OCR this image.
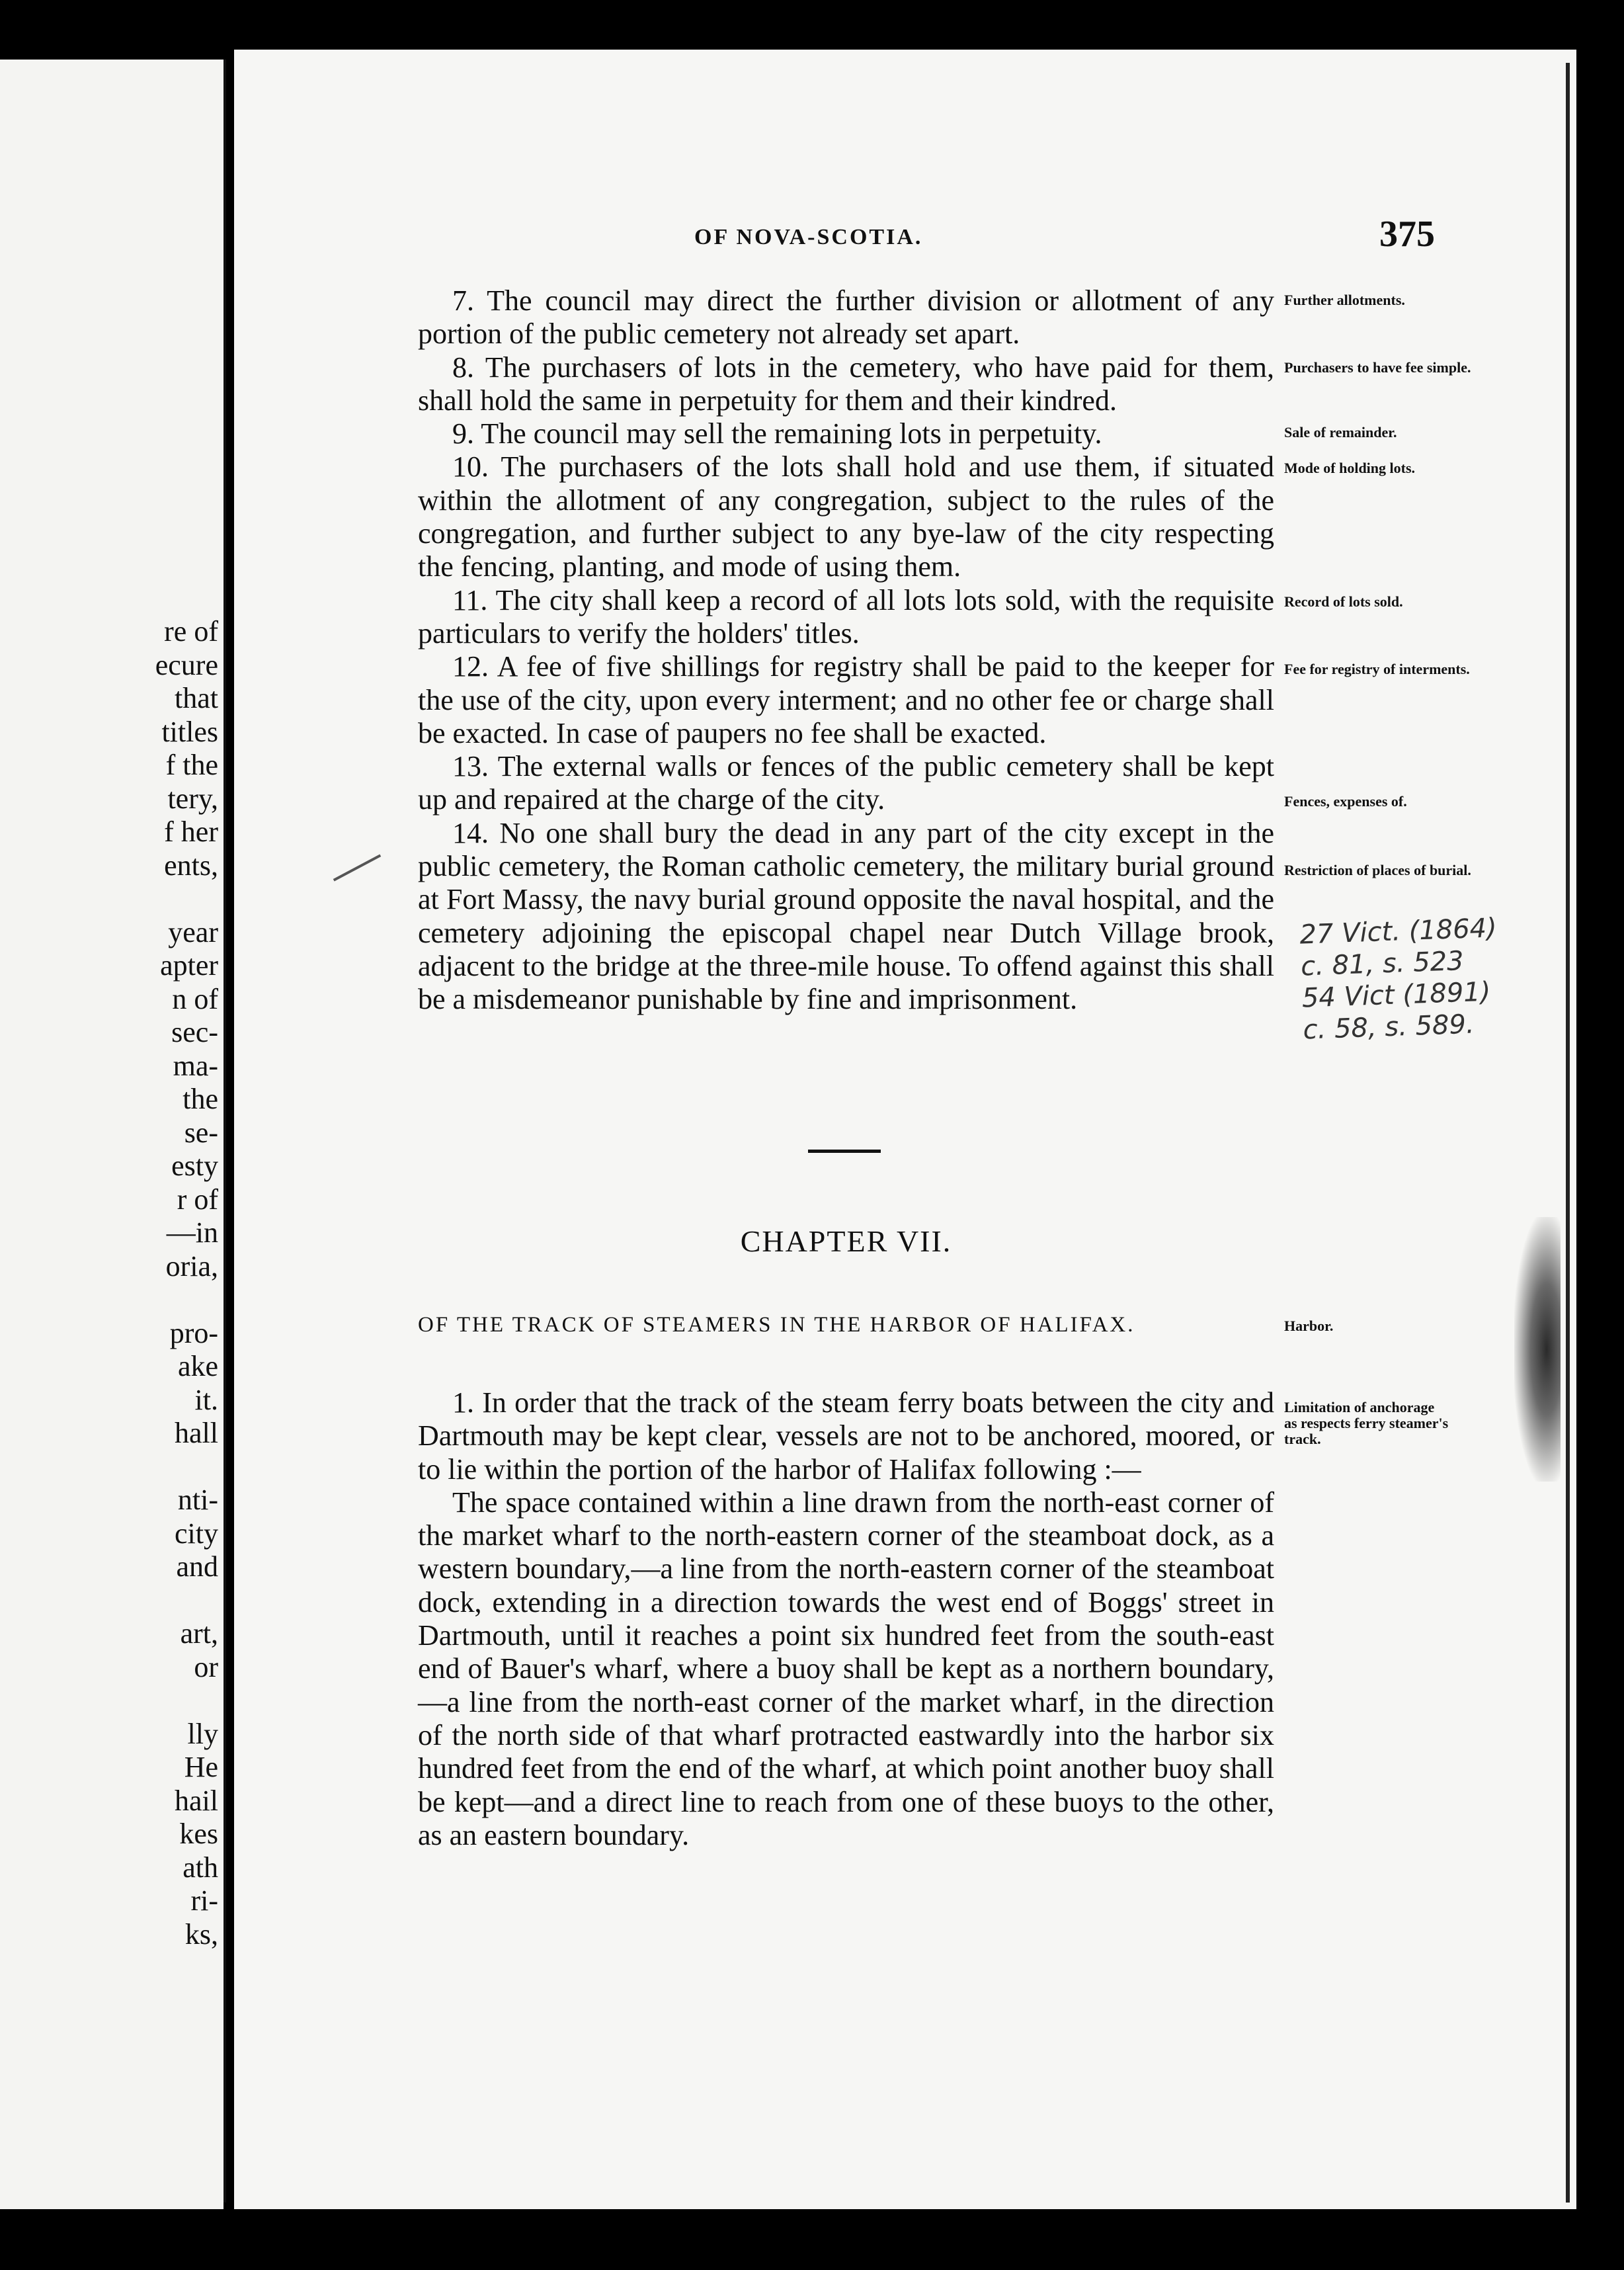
re of
ecure
that
titles
f the
tery,
f her
ents,
year
apter
n of
sec-
ma-
the
se-
esty
r of
—in
oria,
pro-
ake
it.
hall
nti-
city
and
art,
or
lly
He
hail
kes
ath
ri-
ks,
OF NOVA-SCOTIA.	375

7. The council may direct the further division or allotment of any portion of the public cemetery not already set apart.

8. The purchasers of lots in the cemetery, who have paid for them, shall hold the same in perpetuity for them and their kindred.

9. The council may sell the remaining lots in perpetuity.

10. The purchasers of the lots shall hold and use them, if situated within the allotment of any congregation, subject to the rules of the congregation, and further subject to any bye-law of the city respecting the fencing, planting, and mode of using them.

11. The city shall keep a record of all lots lots sold, with the requisite particulars to verify the holders' titles.

12. A fee of five shillings for registry shall be paid to the keeper for the use of the city, upon every interment; and no other fee or charge shall be exacted. In case of paupers no fee shall be exacted.

13. The external walls or fences of the public cemetery shall be kept up and repaired at the charge of the city.

14. No one shall bury the dead in any part of the city except in the public cemetery, the Roman catholic cemetery, the military burial ground at Fort Massy, the navy burial ground opposite the naval hospital, and the cemetery adjoining the episcopal chapel near Dutch Village brook, adjacent to the bridge at the three-mile house. To offend against this shall be a misdemeanor punishable by fine and imprisonment.

Further allotments.
Purchasers to have fee simple.
Sale of remainder.
Mode of holding lots.
Record of lots sold.
Fee for registry of interments.
Fences, expenses of.
Restriction of places of burial.
Harbor.
Limitation of anchorage as respects ferry steamer's track.
27 Vict. (1864)
c. 81, s. 523
54 Vict (1891)
c. 58, s. 589.
CHAPTER VII.
OF THE TRACK OF STEAMERS IN THE HARBOR OF HALIFAX.

1. In order that the track of the steam ferry boats between the city and Dartmouth may be kept clear, vessels are not to be anchored, moored, or to lie within the portion of the harbor of Halifax following :—

The space contained within a line drawn from the north-east corner of the market wharf to the north-eastern corner of the steamboat dock, as a western boundary,—a line from the north-eastern corner of the steamboat dock, extending in a direction towards the west end of Boggs' street in Dartmouth, until it reaches a point six hundred feet from the south-east end of Bauer's wharf, where a buoy shall be kept as a northern boundary,—a line from the north-east corner of the market wharf, in the direction of the north side of that wharf protracted eastwardly into the harbor six hundred feet from the end of the wharf, at which point another buoy shall be kept—and a direct line to reach from one of these buoys to the other, as an eastern boundary.
